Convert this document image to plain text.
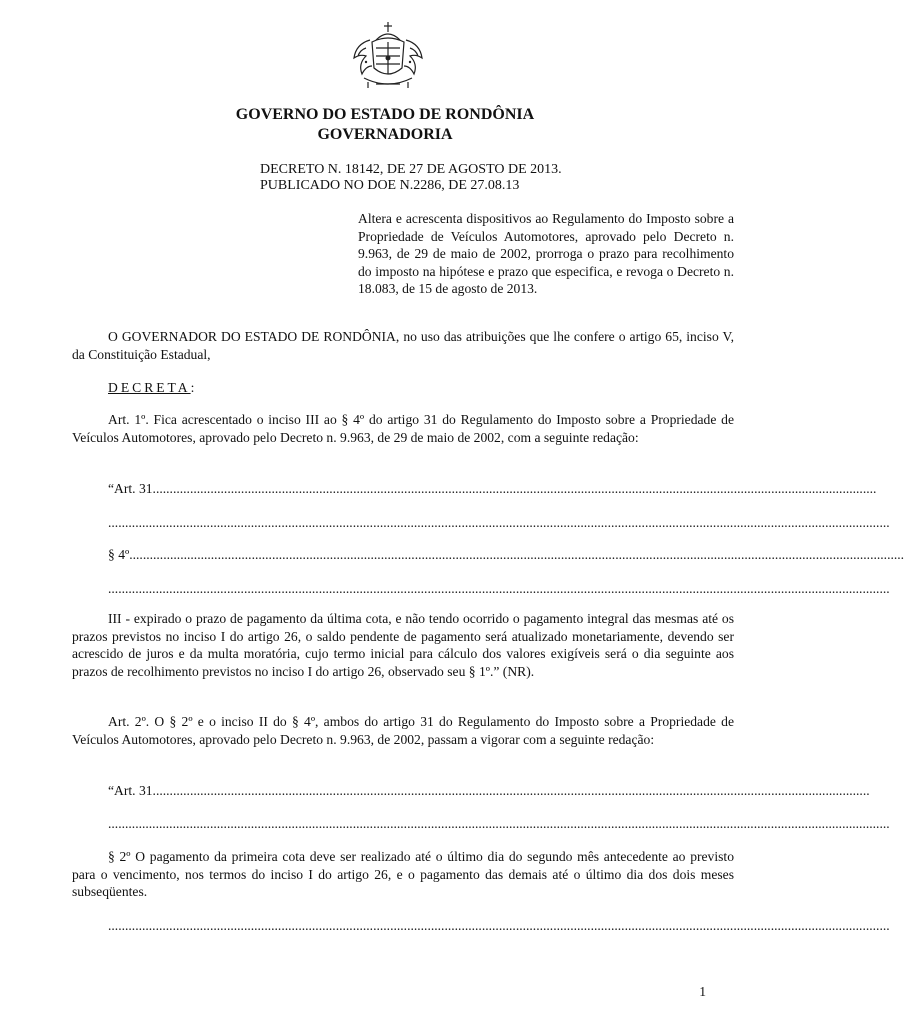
GOVERNO DO ESTADO DE RONDÔNIA
GOVERNADORIA
DECRETO N. 18142, DE 27 DE AGOSTO DE 2013.
PUBLICADO NO DOE N.2286, DE 27.08.13
Altera e acrescenta dispositivos ao Regulamento do Imposto sobre a Propriedade de Veículos Automotores, aprovado pelo Decreto n. 9.963, de 29 de maio de 2002, prorroga o prazo para recolhimento do imposto na hipótese e prazo que especifica, e revoga o Decreto n. 18.083, de 15 de agosto de 2013.
O GOVERNADOR DO ESTADO DE RONDÔNIA, no uso das atribuições que lhe confere o artigo 65, inciso V, da Constituição Estadual,
DECRETA:
Art. 1º. Fica acrescentado o inciso III ao § 4º do artigo 31 do Regulamento do Imposto sobre a Propriedade de Veículos Automotores, aprovado pelo Decreto n. 9.963, de 29 de maio de 2002, com a seguinte redação:
“Art. 31. ....................................................................................................................................................................................................................
......................................................................................................................................................................................................................................
§ 4º ....................................................................................................................................................................................................................................
......................................................................................................................................................................................................................................
III - expirado o prazo de pagamento da última cota, e não tendo ocorrido o pagamento integral das mesmas até os prazos previstos no inciso I do artigo 26, o saldo pendente de pagamento será atualizado monetariamente, devendo ser acrescido de juros e da multa moratória, cujo termo inicial para cálculo dos valores exigíveis será o dia seguinte aos prazos de recolhimento previstos no inciso I do artigo 26, observado seu § 1º.” (NR).
Art. 2º. O § 2º e o inciso II do § 4º, ambos do artigo 31 do Regulamento do Imposto sobre a Propriedade de Veículos Automotores, aprovado pelo Decreto n. 9.963, de 2002, passam a vigorar com a seguinte redação:
“Art. 31. ..................................................................................................................................................................................................................
......................................................................................................................................................................................................................................
§ 2º O pagamento da primeira cota deve ser realizado até o último dia do segundo mês antecedente ao previsto para o vencimento, nos termos do inciso I do artigo 26, e o pagamento das demais até o último dia dos dois meses subseqüentes.
......................................................................................................................................................................................................................................
1
